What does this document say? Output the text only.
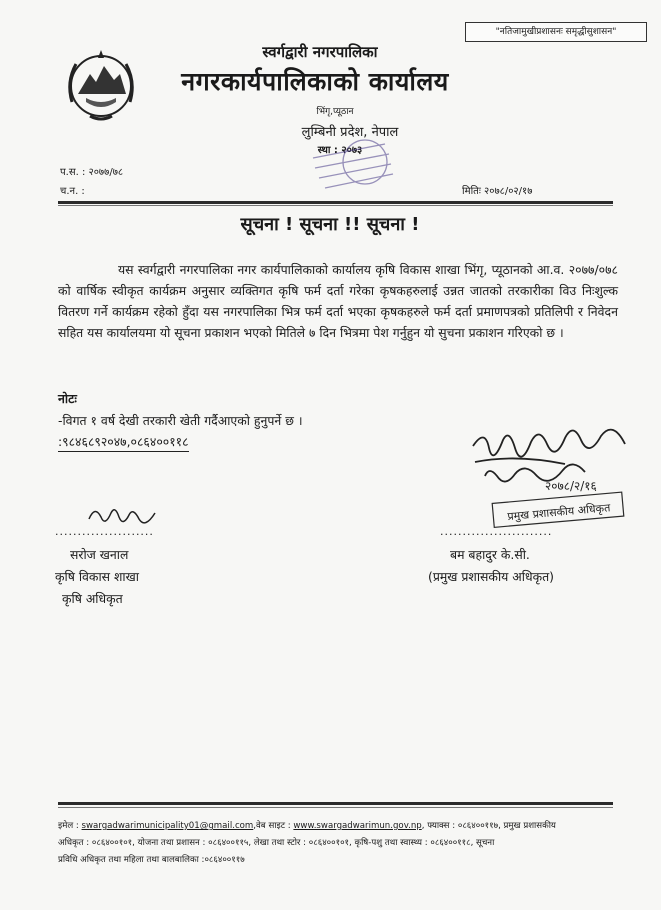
"नतिजामुखीप्रशासनः समृद्धीसुशासन"
स्वर्गद्वारी नगरपालिका
नगरकार्यपालिकाको कार्यालय
भिंगृ,प्यूठान
लुम्बिनी प्रदेश, नेपाल
स्था : २०७३
प.स. : २०७७/७८
च.न. :	मितिः २०७८/०२/१७
सूचना ! सूचना !! सूचना !
यस स्वर्गद्वारी नगरपालिका नगर कार्यपालिकाको कार्यालय कृषि विकास शाखा भिंगृ, प्यूठानको आ.व. २०७७/०७८ को वार्षिक स्वीकृत कार्यक्रम अनुसार व्यक्तिगत कृषि फर्म दर्ता गरेका कृषकहरुलाई उन्नत जातको तरकारीका विउ निःशुल्क वितरण गर्ने कार्यक्रम रहेको हुँदा यस नगरपालिका भित्र फर्म दर्ता भएका कृषकहरुले फर्म दर्ता प्रमाणपत्रको प्रतिलिपी र निवेदन सहित यस कार्यालयमा यो सूचना प्रकाशन भएको मितिले ७ दिन भित्रमा पेश गर्नुहुन यो सुचना प्रकाशन गरिएको छ ।
नोटः
-विगत १ वर्ष देखी तरकारी खेती गर्दैआएको हुनुपर्ने छ ।
:९८४६८९२०४७,०८६४००११८
प्रमुख प्रशासकीय अधिकृत
२०७८/२/१६
......................	.........................
सरोज खनाल
कृषि विकास शाखा
कृषि अधिकृत
बम बहादुर के.सी.
(प्रमुख प्रशासकीय अधिकृत)
इमेल : swargadwarimunicipality01@gmail.com,वेब साइट : www.swargadwarimun.gov.np, फ्याक्स : ०८६४००११७, प्रमुख प्रशासकीय
अधिकृत : ०८६४००१०१, योजना तथा प्रशासन : ०८६४००११५, लेखा तथा स्टोर : ०८६४००१०१, कृषि-पशु तथा स्वास्थ्य : ०८६४००११८, सूचना
प्रविधि अधिकृत तथा महिला तथा बालबालिका :०८६४००११७
